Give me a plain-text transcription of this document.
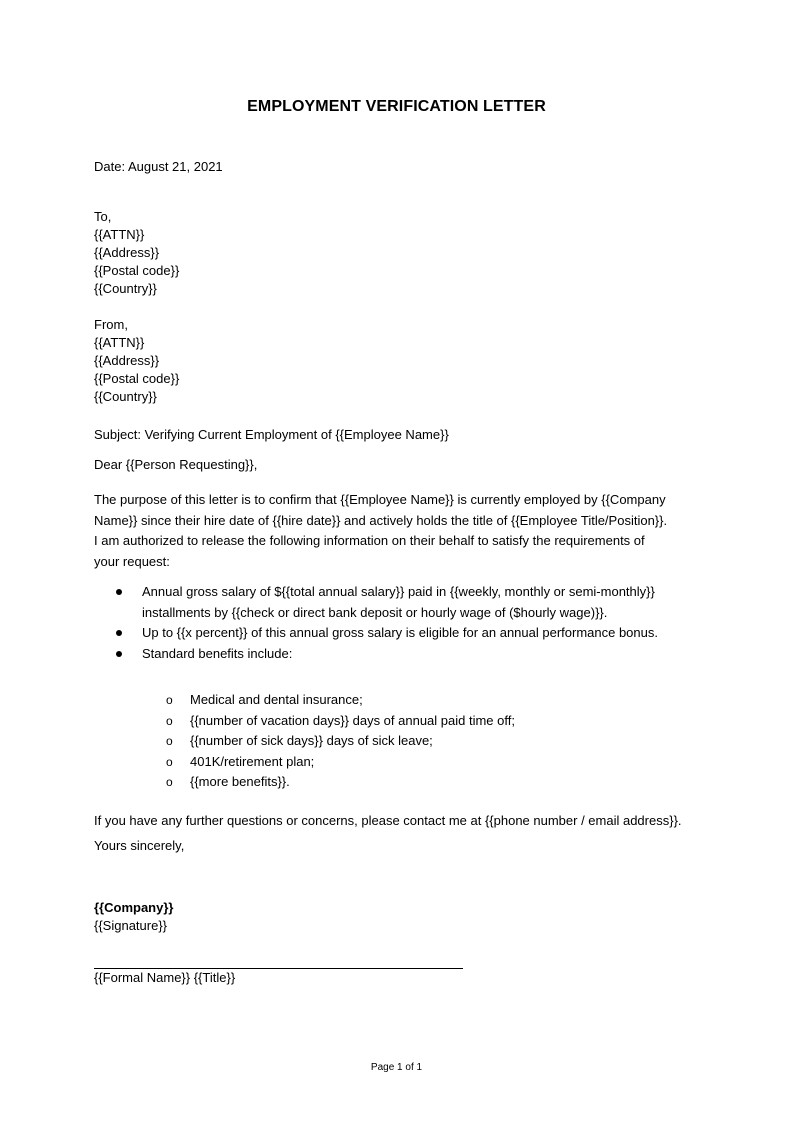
EMPLOYMENT VERIFICATION LETTER
Date: August 21, 2021
To,
{{ATTN}}
{{Address}}
{{Postal code}}
{{Country}}
From,
{{ATTN}}
{{Address}}
{{Postal code}}
{{Country}}
Subject: Verifying Current Employment of {{Employee Name}}
Dear {{Person Requesting}},

The purpose of this letter is to confirm that {{Employee Name}} is currently employed by {{Company

Name}} since their hire date of {{hire date}} and actively holds the title of {{Employee Title/Position}}.

I am authorized to release the following information on their behalf to satisfy the requirements of

your request:

Annual gross salary of ${{total annual salary}} paid in {{weekly, monthly or semi-monthly}}
installments by {{check or direct bank deposit or hourly wage of ($hourly wage)}}.
Up to {{x percent}} of this annual gross salary is eligible for an annual performance bonus.
Standard benefits include:
o Medical and dental insurance;
o {{number of vacation days}} days of annual paid time off;
o {{number of sick days}} days of sick leave;
o 401K/retirement plan;
o {{more benefits}}.
If you have any further questions or concerns, please contact me at {{phone number / email address}}.
Yours sincerely,
{{Company}}
{{Signature}}
{{Formal Name}} {{Title}}
Page 1 of 1
